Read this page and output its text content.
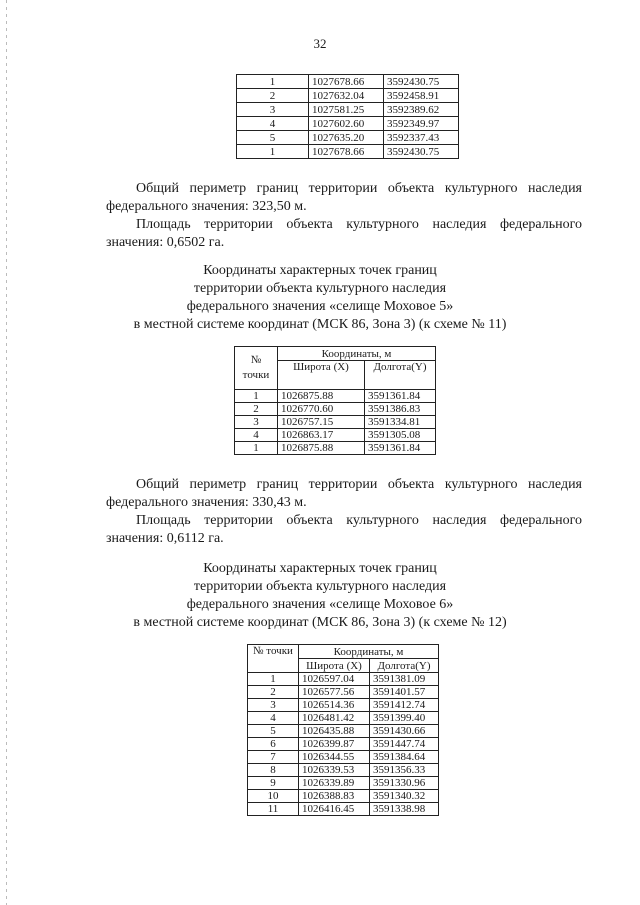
32
1	1027678.66	3592430.75
2	1027632.04	3592458.91
3	1027581.25	3592389.62
4	1027602.60	3592349.97
5	1027635.20	3592337.43
1	1027678.66	3592430.75

Общий периметр границ территории объекта культурного наследия федерального значения: 323,50 м.

Площадь территории объекта культурного наследия федерального значения: 0,6502 га.

Координаты характерных точек границ
территории объекта культурного наследия
федерального значения «селище Моховое 5»
в местной системе координат (МСК 86, Зона 3) (к схеме № 11)
№ точки	Координаты, м	
	Широта (X)	Долгота(Y)
1	1026875.88	3591361.84
2	1026770.60	3591386.83
3	1026757.15	3591334.81
4	1026863.17	3591305.08
1	1026875.88	3591361.84

Общий периметр границ территории объекта культурного наследия федерального значения: 330,43 м.

Площадь территории объекта культурного наследия федерального значения: 0,6112 га.

Координаты характерных точек границ
территории объекта культурного наследия
федерального значения «селище Моховое 6»
в местной системе координат (МСК 86, Зона 3) (к схеме № 12)
№ точки	Координаты, м	
	Широта (X)	Долгота(Y)
1	1026597.04	3591381.09
2	1026577.56	3591401.57
3	1026514.36	3591412.74
4	1026481.42	3591399.40
5	1026435.88	3591430.66
6	1026399.87	3591447.74
7	1026344.55	3591384.64
8	1026339.53	3591356.33
9	1026339.89	3591330.96
10	1026388.83	3591340.32
11	1026416.45	3591338.98
